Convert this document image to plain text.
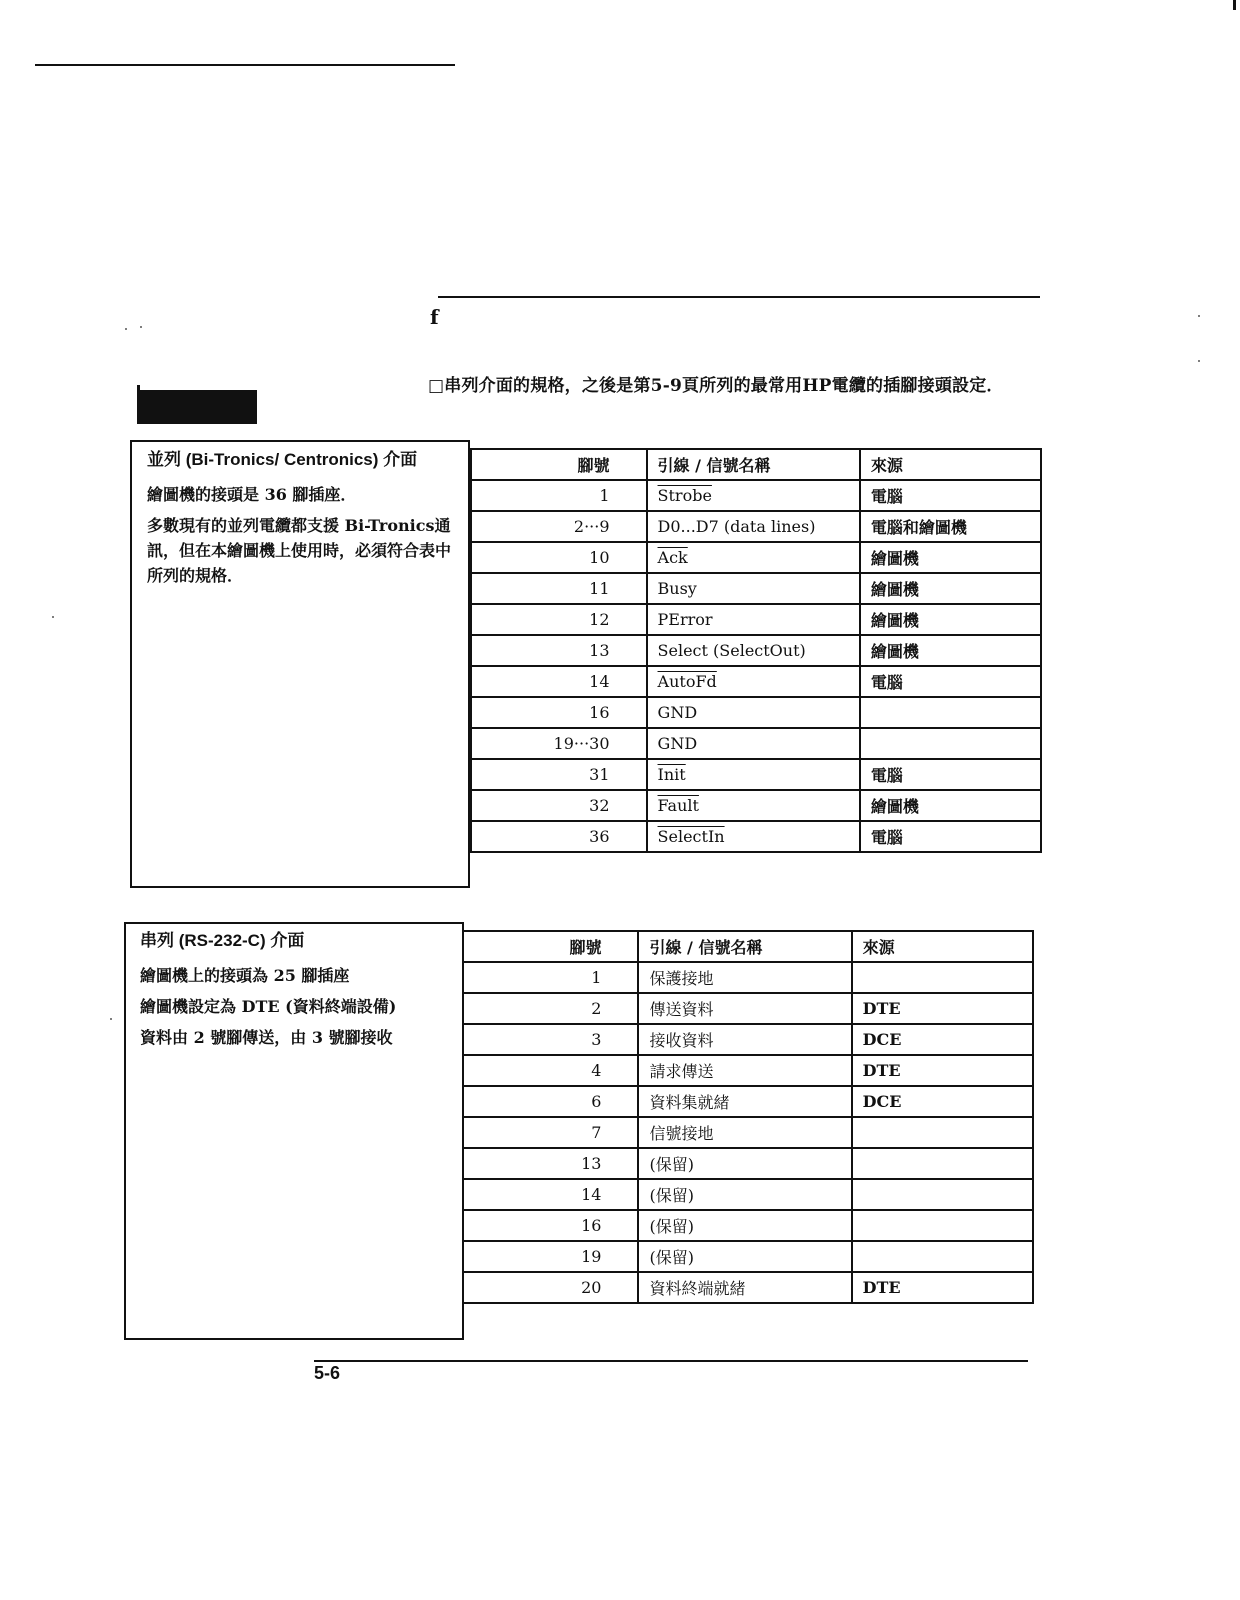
f
□串列介面的規格，之後是第5-9頁所列的最常用HP電纜的插腳接頭設定．
並列 (Bi-Tronics/ Centronics) 介面

繪圖機的接頭是 36 腳插座．

多數現有的並列電纜都支援 Bi-Tronics通訊，但在本繪圖機上使用時，必須符合表中所列的規格．

腳號	引線 / 信號名稱	來源
1	Strobe	電腦
2···9	D0...D7 (data lines)	電腦和繪圖機
10	$\overline{Ack}$	繪圖機
11	Busy	繪圖機
12	PError	繪圖機
13	Select (SelectOut)	繪圖機
14	AutoFd	電腦
16	GND	
19···30	GND	
31	Init	電腦
32	Fault	繪圖機
36	SelectIn	電腦
串列 (RS-232-C) 介面

繪圖機上的接頭為 25 腳插座

繪圖機設定為 DTE (資料終端設備)

資料由 2 號腳傳送，由 3 號腳接收

腳號	引線 / 信號名稱	來源
1	保護接地	
2	傳送資料	DTE
3	接收資料	DCE
4	請求傳送	DTE
6	資料集就緒	DCE
7	信號接地	
13	(保留)	
14	(保留)	
16	(保留)	
19	(保留)	
20	資料終端就緒	DTE
5-6
